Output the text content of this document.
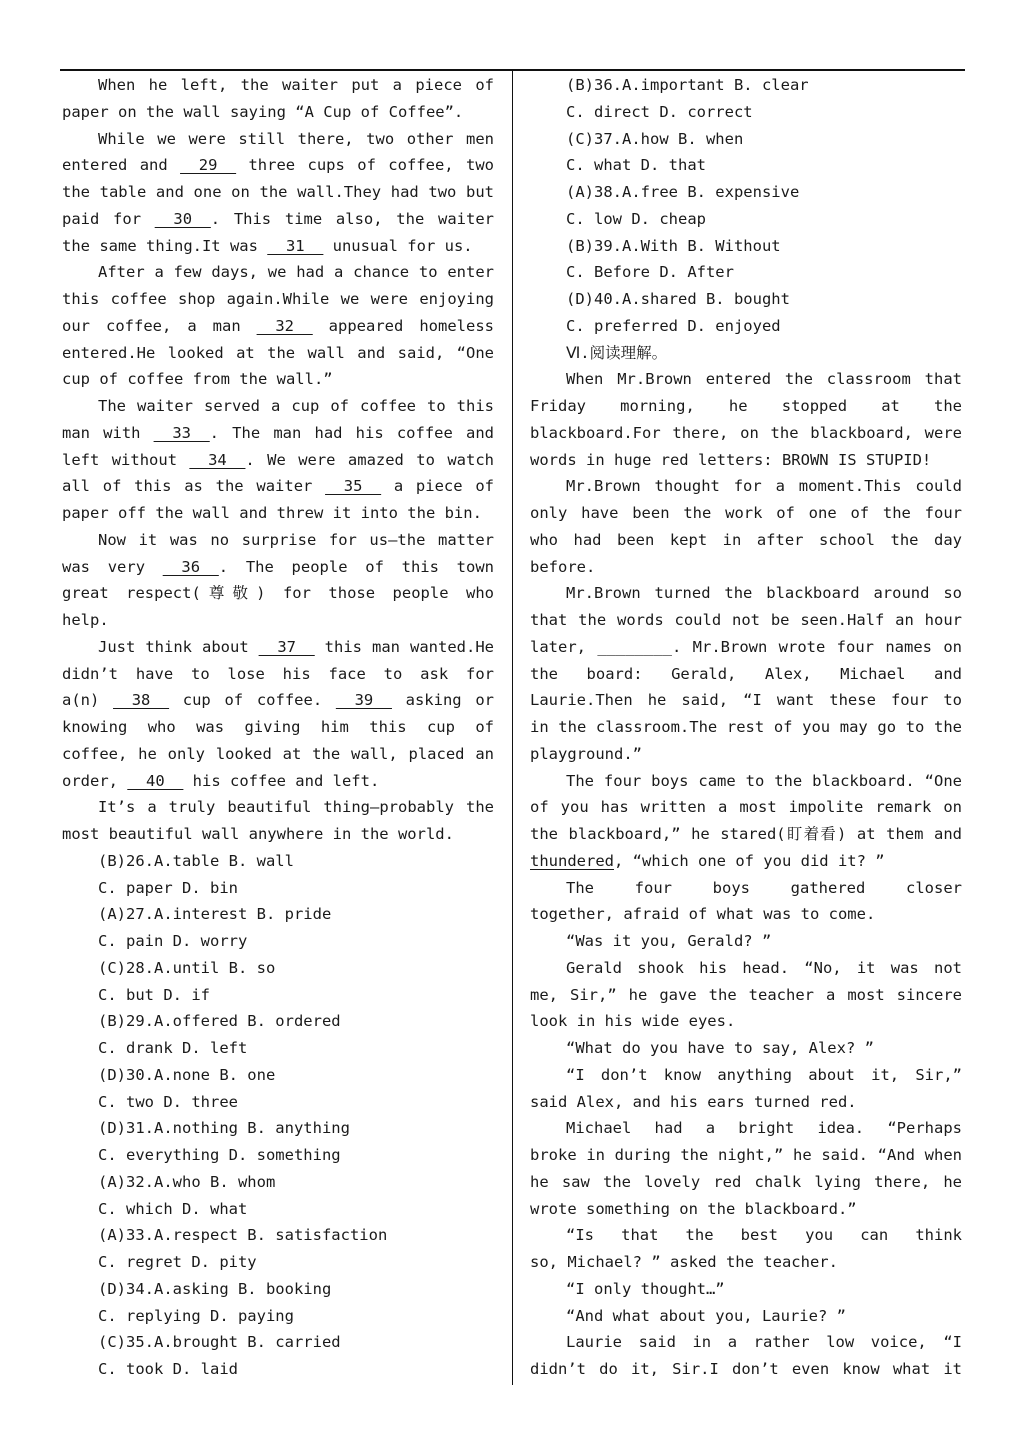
When he left, the waiter put a piece of
paper on the wall saying “A Cup of Coffee”.
While we were still there, two other men
entered and __29__ three cups of coffee, two
the table and one on the wall.They had two but
paid for __30__. This time also, the waiter
the same thing.It was __31__ unusual for us.
After a few days, we had a chance to enter
this coffee shop again.While we were enjoying
our coffee, a man __32__ appeared homeless
entered.He looked at the wall and said, “One
cup of coffee from the wall.”
The waiter served a cup of coffee to this
man with __33__. The man had his coffee and
left without __34__. We were amazed to watch
all of this as the waiter __35__ a piece of
paper off the wall and threw it into the bin.
Now it was no surprise for us—the matter
was very __36__. The people of this town
great respect(尊敬) for those people who
help.
Just think about __37__ this man wanted.He
didn’t have to lose his face to ask for
a(n) __38__ cup of coffee. __39__ asking or
knowing who was giving him this cup of
coffee, he only looked at the wall, placed an
order, __40__ his coffee and left.
It’s a truly beautiful thing—probably the
most beautiful wall anywhere in the world.
(B)26.A.table B. wall
C. paper D. bin
(A)27.A.interest B. pride
C. pain D. worry
(C)28.A.until B. so
C. but D. if
(B)29.A.offered B. ordered
C. drank D. left
(D)30.A.none B. one
C. two D. three
(D)31.A.nothing B. anything
C. everything D. something
(A)32.A.who B. whom
C. which D. what
(A)33.A.respect B. satisfaction
C. regret D. pity
(D)34.A.asking B. booking
C. replying D. paying
(C)35.A.brought B. carried
C. took D. laid
(B)36.A.important B. clear
C. direct D. correct
(C)37.A.how B. when
C. what D. that
(A)38.A.free B. expensive
C. low D. cheap
(B)39.A.With B. Without
C. Before D. After
(D)40.A.shared B. bought
C. preferred D. enjoyed
Ⅵ.阅读理解。
When Mr.Brown entered the classroom that
Friday morning, he stopped at the
blackboard.For there, on the blackboard, were
words in huge red letters: BROWN IS STUPID!
Mr.Brown thought for a moment.This could
only have been the work of one of the four
who had been kept in after school the day
before.
Mr.Brown turned the blackboard around so
that the words could not be seen.Half an hour
later, ________. Mr.Brown wrote four names on
the board: Gerald, Alex, Michael and
Laurie.Then he said, “I want these four to
in the classroom.The rest of you may go to the
playground.”
The four boys came to the blackboard. “One
of you has written a most impolite remark on
the blackboard,” he stared(盯着看) at them and
thundered, “which one of you did it? ”
The four boys gathered closer
together, afraid of what was to come.
“Was it you, Gerald? ”
Gerald shook his head. “No, it was not
me, Sir,” he gave the teacher a most sincere
look in his wide eyes.
“What do you have to say, Alex? ”
“I don’t know anything about it, Sir,”
said Alex, and his ears turned red.
Michael had a bright idea. “Perhaps
broke in during the night,” he said. “And when
he saw the lovely red chalk lying there, he
wrote something on the blackboard.”
“Is that the best you can think
so, Michael? ” asked the teacher.
“I only thought…”
“And what about you, Laurie? ”
Laurie said in a rather low voice, “I
didn’t do it, Sir.I don’t even know what it
